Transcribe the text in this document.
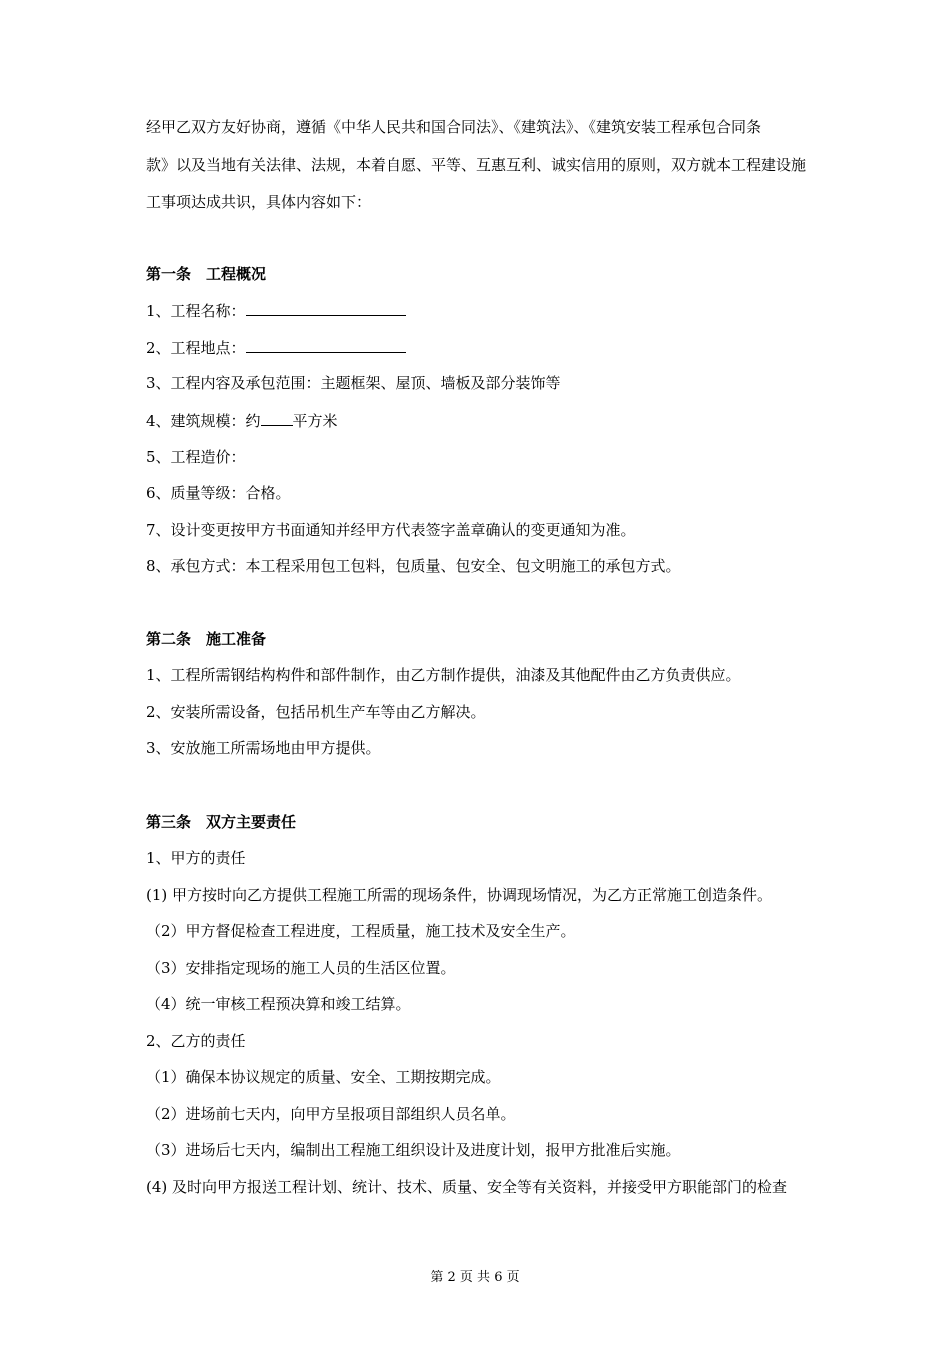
经甲乙双方友好协商，遵循《中华人民共和国合同法》、《建筑法》、《建筑安装工程承包合同条
款》以及当地有关法律、法规，本着自愿、平等、互惠互利、诚实信用的原则，双方就本工程建设施
工事项达成共识，具体内容如下：
第一条　工程概况
1、工程名称：
2、工程地点：
3、工程内容及承包范围：主题框架、屋顶、墙板及部分装饰等
4、建筑规模：约 平方米
5、工程造价：
6、质量等级：合格。
7、设计变更按甲方书面通知并经甲方代表签字盖章确认的变更通知为准。
8、承包方式：本工程采用包工包料，包质量、包安全、包文明施工的承包方式。
第二条　施工准备
1、工程所需钢结构构件和部件制作，由乙方制作提供，油漆及其他配件由乙方负责供应。
2、安装所需设备，包括吊机生产车等由乙方解决。
3、安放施工所需场地由甲方提供。
第三条　双方主要责任
1、甲方的责任
(1) 甲方按时向乙方提供工程施工所需的现场条件，协调现场情况，为乙方正常施工创造条件。
（2）甲方督促检查工程进度，工程质量，施工技术及安全生产。
（3）安排指定现场的施工人员的生活区位置。
（4）统一审核工程预决算和竣工结算。
2、乙方的责任
（1）确保本协议规定的质量、安全、工期按期完成。
（2）进场前七天内，向甲方呈报项目部组织人员名单。
（3）进场后七天内，编制出工程施工组织设计及进度计划，报甲方批准后实施。
(4) 及时向甲方报送工程计划、统计、技术、质量、安全等有关资料，并接受甲方职能部门的检查
第 2 页 共 6 页
